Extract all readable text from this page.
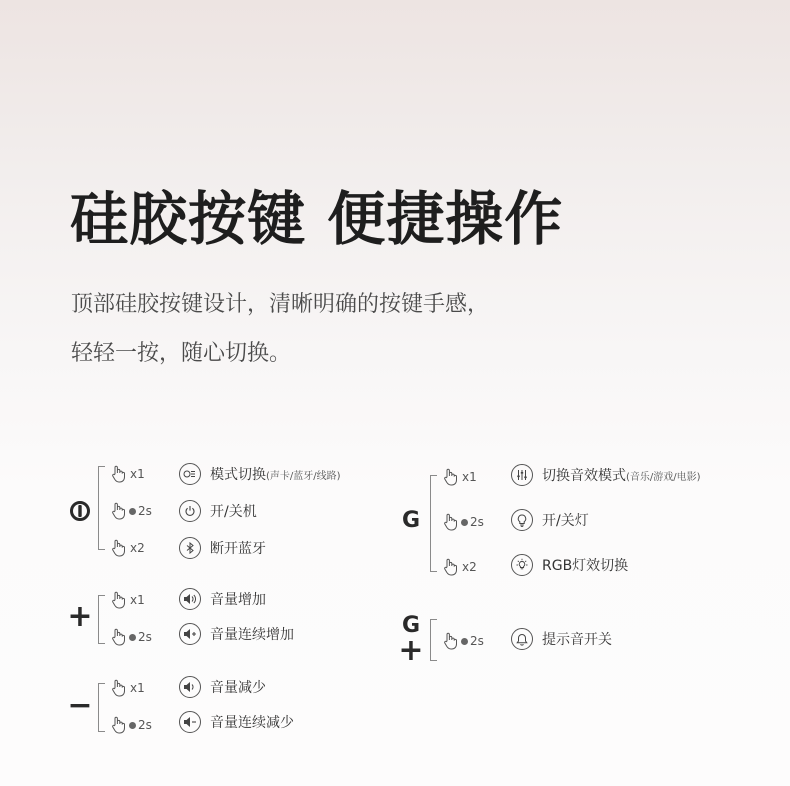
硅胶按键 便捷操作
顶部硅胶按键设计，清晰明确的按键手感，
轻轻一按，随心切换。
x1	模式切换 (声卡/蓝牙/线路)
2s	开/关机
x2	断开蓝牙
+	x1	音量增加
2s	音量连续增加
−	x1	音量减少
2s	音量连续减少
G
x1	切换音效模式 (音乐/游戏/电影)
2s	开/关灯
x2	RGB灯效切换
G
+	2s	提示音开关
